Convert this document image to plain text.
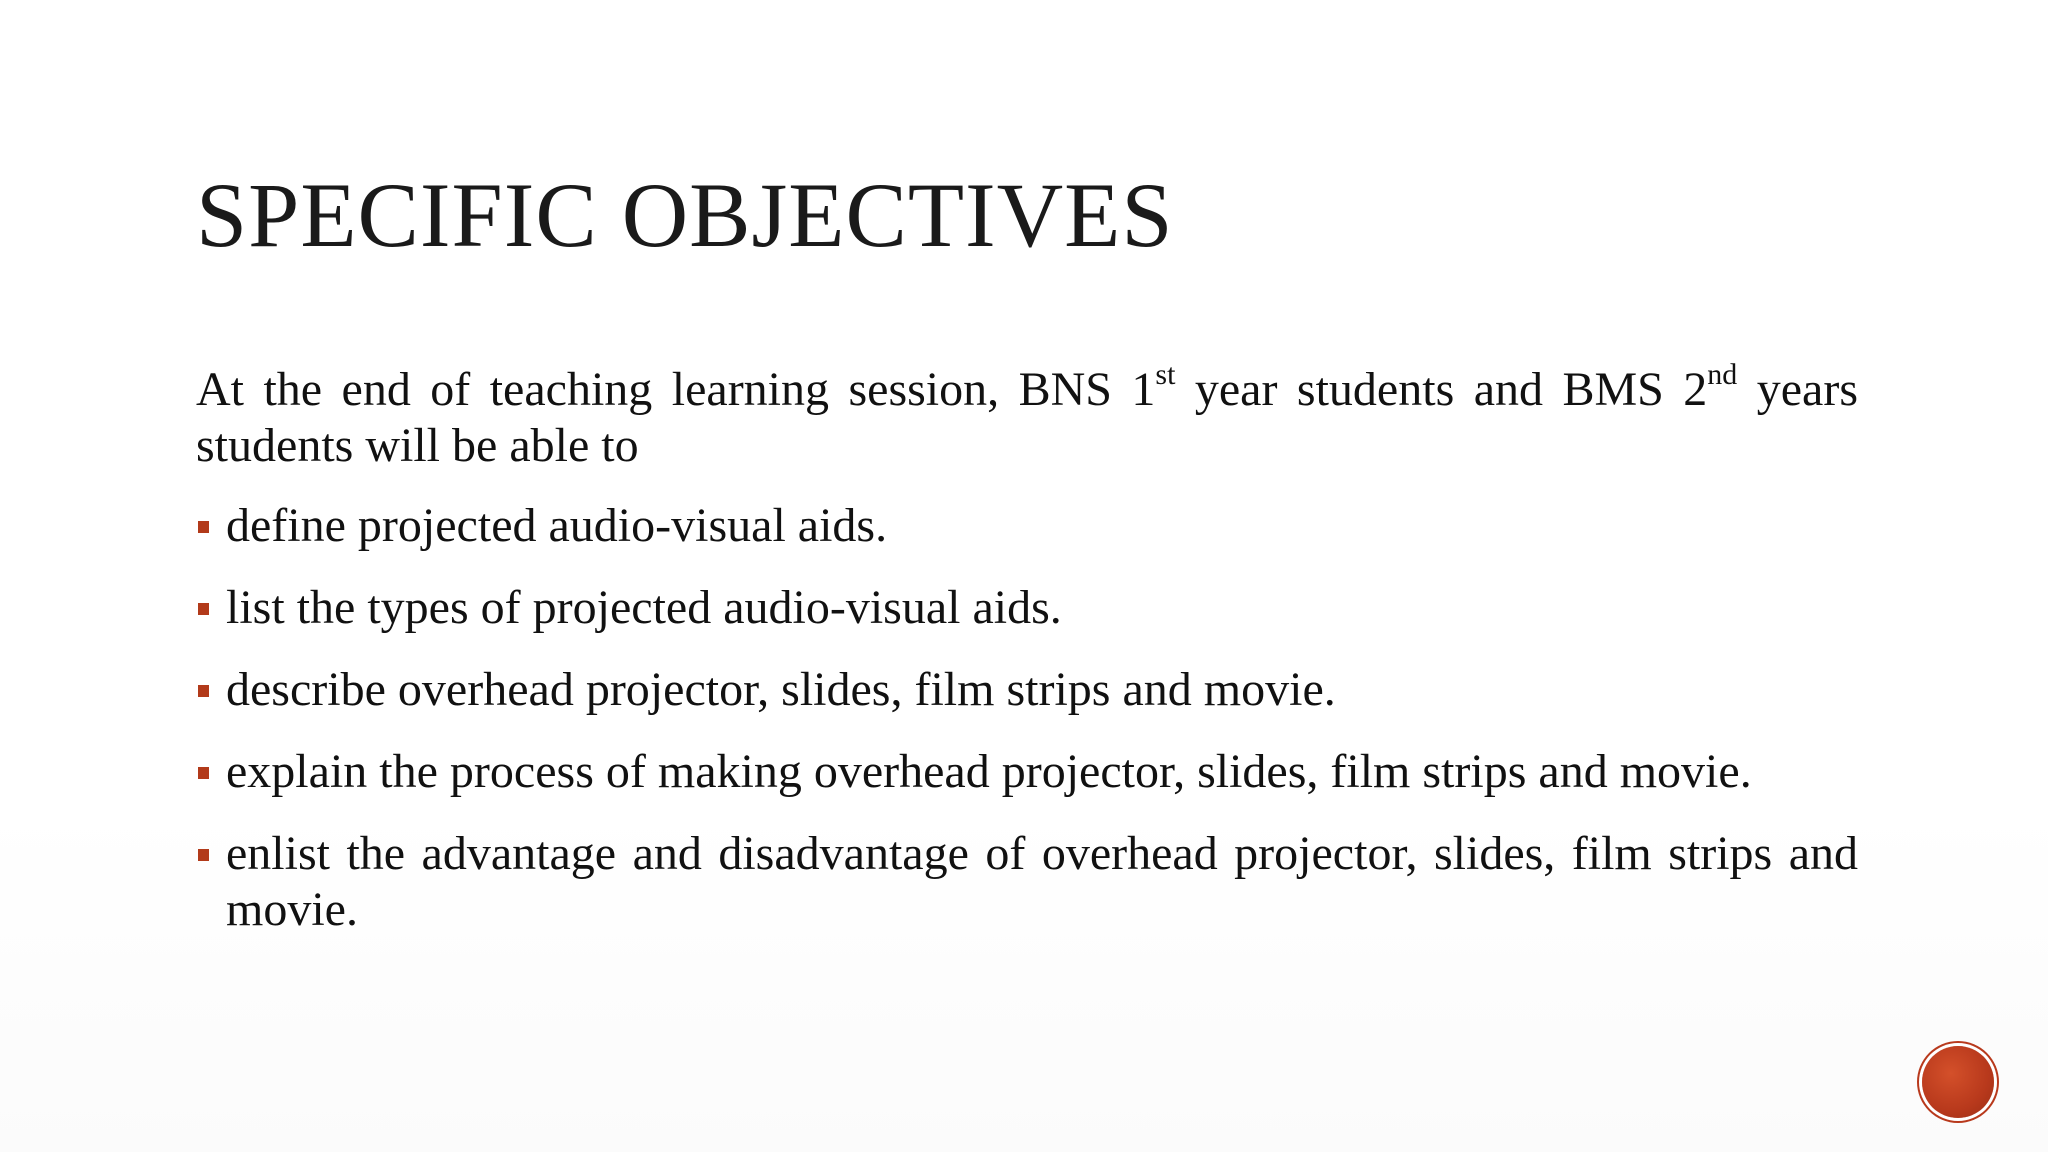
SPECIFIC OBJECTIVES

At the end of teaching learning session, BNS 1st year students and BMS 2nd years students will be able to

define projected audio-visual aids.
list the types of projected audio-visual aids.
describe overhead projector, slides, film strips and movie.
explain the process of making overhead projector, slides, film strips and movie.
enlist the advantage and disadvantage of overhead projector, slides, film strips and movie.
